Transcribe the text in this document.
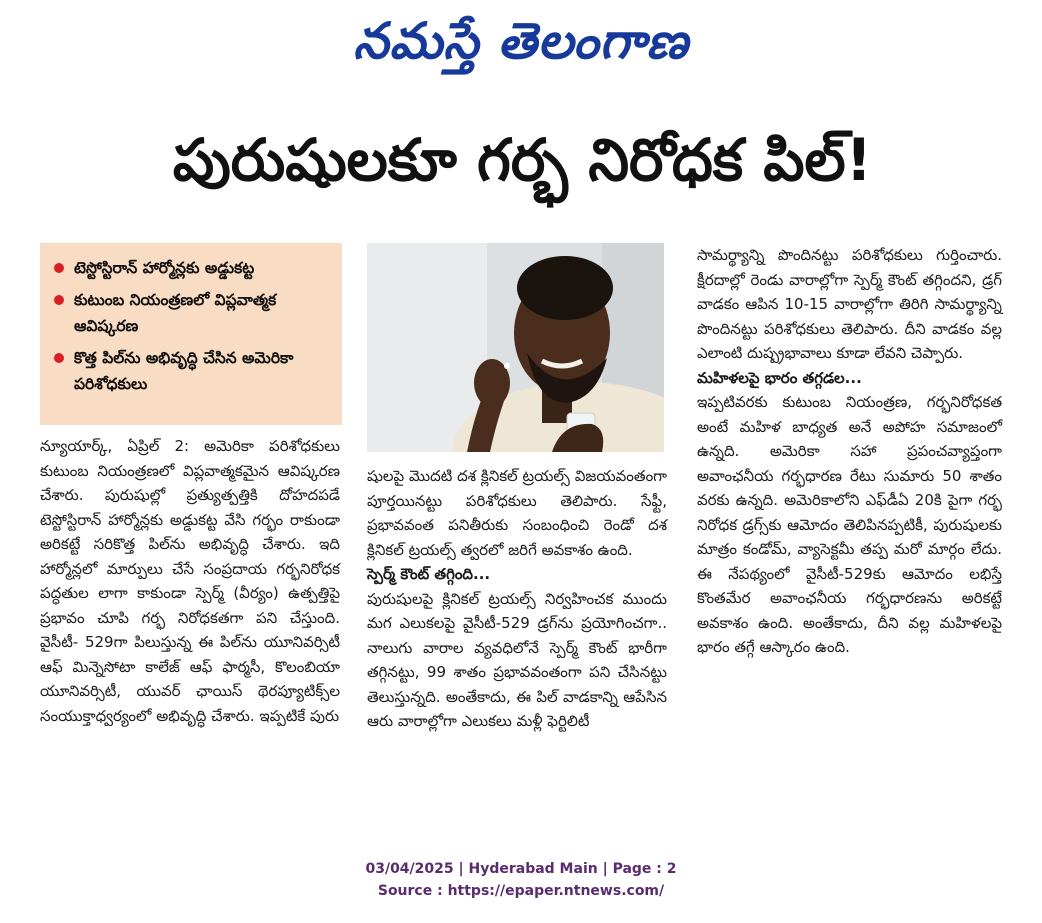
నమస్తే తెలంగాణ
పురుషులకూ గర్భ నిరోధక పిల్!
టెస్టోస్టిరాన్ హార్మోన్లకు అడ్డుకట్ట
కుటుంబ నియంత్రణలో విప్లవాత్మక ఆవిష్కరణ
కొత్త పిల్‌ను అభివృద్ధి చేసిన అమెరికా పరిశోధకులు

న్యూయార్క్, ఏప్రిల్ 2: అమెరికా పరిశోధకులు కుటుంబ నియంత్రణలో విప్లవాత్మకమైన ఆవిష్కరణ చేశారు. పురుషుల్లో ప్రత్యుత్పత్తికి దోహదపడే టెస్టోస్టిరాన్ హార్మోన్లకు అడ్డుకట్ట వేసి గర్భం రాకుండా అరికట్టే సరికొత్త పిల్‌ను అభివృద్ధి చేశారు. ఇది హార్మోన్లలో మార్పులు చేసే సంప్రదాయ గర్భనిరోధక పద్ధతుల లాగా కాకుండా స్పెర్మ్ (వీర్యం) ఉత్పత్తిపై ప్రభావం చూపి గర్భ నిరోధకతగా పని చేస్తుంది. వైసీటీ- 529గా పిలుస్తున్న ఈ పిల్‌ను యూనివర్సిటీ ఆఫ్ మిన్నెసోటా కాలేజ్ ఆఫ్ ఫార్మసీ, కొలంబియా యూనివర్సిటీ, యువర్ ఛాయిస్ థెరప్యూటిక్స్‌ల సంయుక్తాధ్వర్యంలో అభివృద్ధి చేశారు. ఇప్పటికే పురు

షులపై మొదటి దశ క్లినికల్ ట్రయల్స్ విజయవంతంగా పూర్తయినట్టు పరిశోధకులు తెలిపారు. సేఫ్టీ, ప్రభావవంత పనితీరుకు సంబంధించి రెండో దశ క్లినికల్ ట్రయల్స్ త్వరలో జరిగే అవకాశం ఉంది.

స్పెర్మ్ కౌంట్ తగ్గింది...

పురుషులపై క్లినికల్ ట్రయల్స్ నిర్వహించక ముందు మగ ఎలుకలపై వైసీటీ-529 డ్రగ్‌ను ప్రయోగించగా.. నాలుగు వారాల వ్యవధిలోనే స్పెర్మ్ కౌంట్ భారీగా తగ్గినట్టు, 99 శాతం ప్రభావవంతంగా పని చేసినట్టు తెలుస్తున్నది. అంతేకాదు, ఈ పిల్ వాడకాన్ని ఆపేసిన ఆరు వారాల్లోగా ఎలుకలు మళ్లీ ఫెర్టిలిటీ

సామర్థ్యాన్ని పొందినట్టు పరిశోధకులు గుర్తించారు. క్షీరదాల్లో రెండు వారాల్లోగా స్పెర్మ్ కౌంట్ తగ్గిందని, డ్రగ్ వాడకం ఆపిన 10-15 వారాల్లోగా తిరిగి సామర్థ్యాన్ని పొందినట్టు పరిశోధకులు తెలిపారు. దీని వాడకం వల్ల ఎలాంటి దుష్ప్రభావాలు కూడా లేవని చెప్పారు.

మహిళలపై భారం తగ్గడల...

ఇప్పటివరకు కుటుంబ నియంత్రణ, గర్భనిరోధకత అంటే మహిళ బాధ్యత అనే అపోహ సమాజంలో ఉన్నది. అమెరికా సహా ప్రపంచవ్యాప్తంగా అవాంఛనీయ గర్భధారణ రేటు సుమారు 50 శాతం వరకు ఉన్నది. అమెరికాలోని ఎఫ్‌డీఏ 20కి పైగా గర్భ నిరోధక డ్రగ్స్‌కు ఆమోదం తెలిపినప్పటికీ, పురుషులకు మాత్రం కండోమ్, వ్యాసెక్టమీ తప్ప మరో మార్గం లేదు. ఈ నేపథ్యంలో వైసీటీ-529కు ఆమోదం లభిస్తే కొంతమేర అవాంఛనీయ గర్భధారణను అరికట్టే అవకాశం ఉంది. అంతేకాదు, దీని వల్ల మహిళలపై భారం తగ్గే ఆస్కారం ఉంది.

03/04/2025 | Hyderabad Main | Page : 2
Source : https://epaper.ntnews.com/
